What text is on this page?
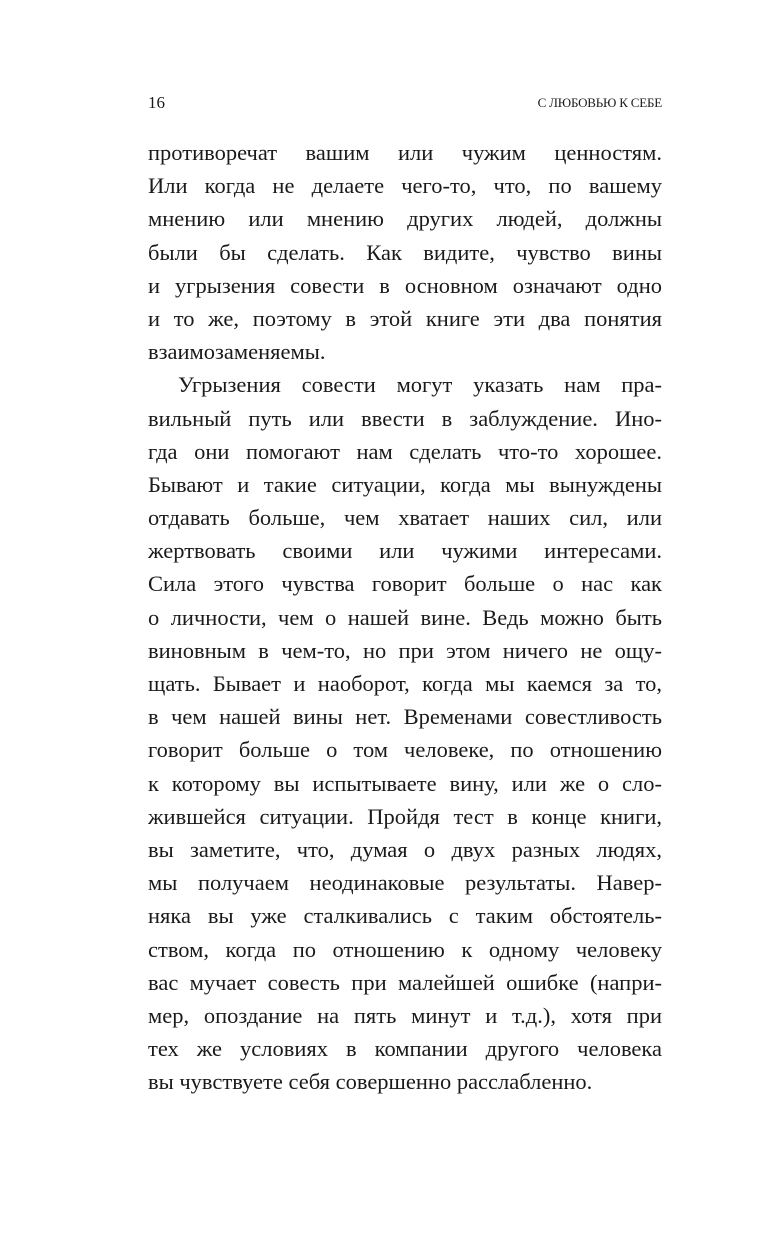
16	С ЛЮБОВЬЮ К СЕБЕ
противоречат вашим или чужим ценностям.
Или когда не делаете чего-то, что, по вашему
мнению или мнению других людей, должны
были бы сделать. Как видите, чувство вины
и угрызения совести в основном означают одно
и то же, поэтому в этой книге эти два понятия
взаимозаменяемы.
Угрызения совести могут указать нам пра-
вильный путь или ввести в заблуждение. Ино-
гда они помогают нам сделать что-то хорошее.
Бывают и такие ситуации, когда мы вынуждены
отдавать больше, чем хватает наших сил, или
жертвовать своими или чужими интересами.
Сила этого чувства говорит больше о нас как
о личности, чем о нашей вине. Ведь можно быть
виновным в чем-то, но при этом ничего не ощу-
щать. Бывает и наоборот, когда мы каемся за то,
в чем нашей вины нет. Временами совестливость
говорит больше о том человеке, по отношению
к которому вы испытываете вину, или же о сло-
жившейся ситуации. Пройдя тест в конце книги,
вы заметите, что, думая о двух разных людях,
мы получаем неодинаковые результаты. Навер-
няка вы уже сталкивались с таким обстоятель-
ством, когда по отношению к одному человеку
вас мучает совесть при малейшей ошибке (напри-
мер, опоздание на пять минут и т.д.), хотя при
тех же условиях в компании другого человека
вы чувствуете себя совершенно расслабленно.
